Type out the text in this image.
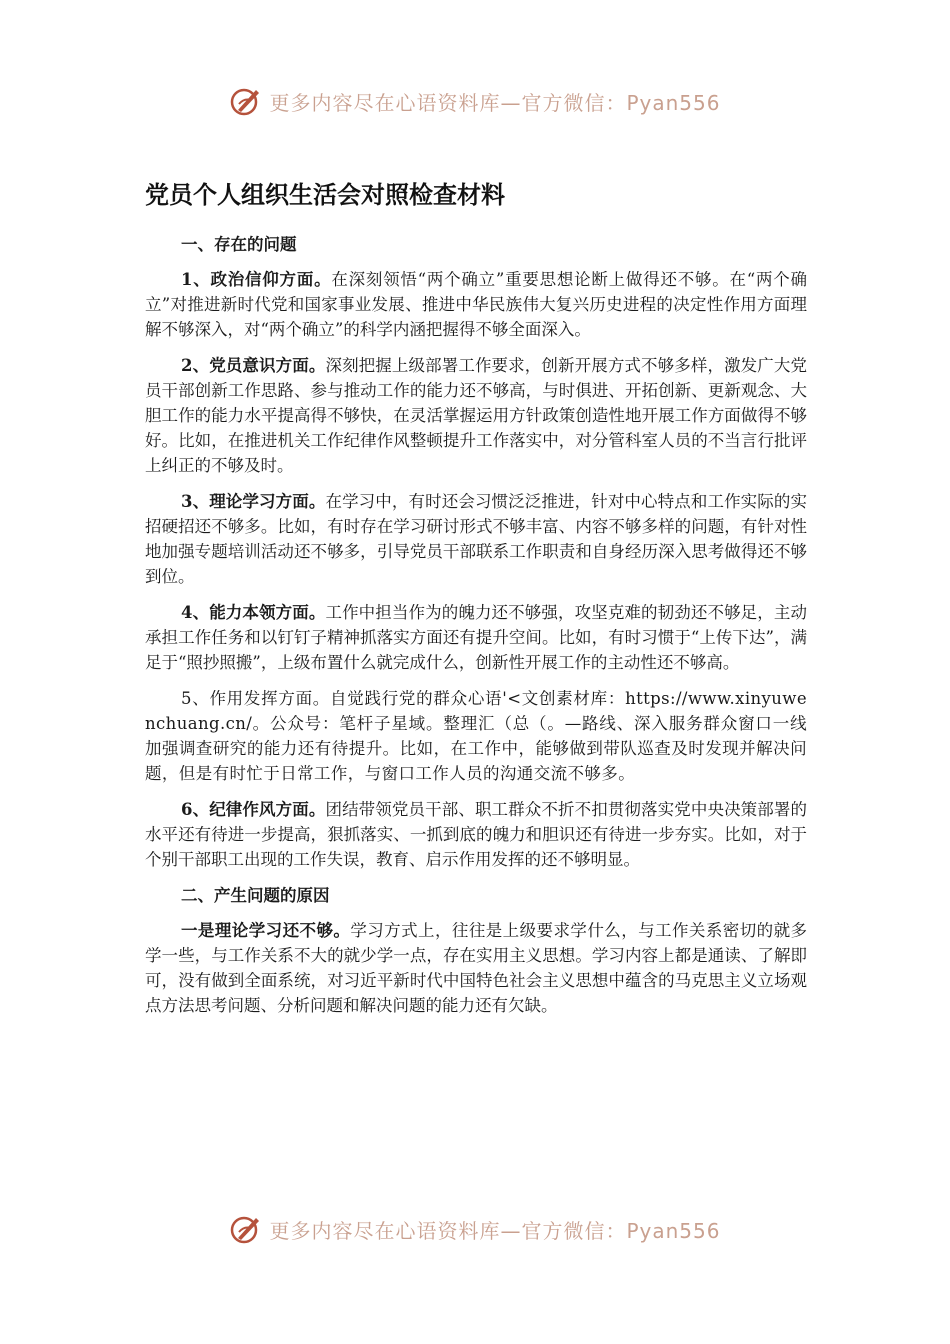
更多内容尽在心语资料库—官方微信：Pyan556
党员个人组织生活会对照检查材料

一、存在的问题

1、政治信仰方面。在深刻领悟“两个确立”重要思想论断上做得还不够。在“两个确立”对推进新时代党和国家事业发展、推进中华民族伟大复兴历史进程的决定性作用方面理解不够深入，对“两个确立”的科学内涵把握得不够全面深入。

2、党员意识方面。深刻把握上级部署工作要求，创新开展方式不够多样，激发广大党员干部创新工作思路、参与推动工作的能力还不够高，与时俱进、开拓创新、更新观念、大胆工作的能力水平提高得不够快，在灵活掌握运用方针政策创造性地开展工作方面做得不够好。比如，在推进机关工作纪律作风整顿提升工作落实中，对分管科室人员的不当言行批评上纠正的不够及时。

3、理论学习方面。在学习中，有时还会习惯泛泛推进，针对中心特点和工作实际的实招硬招还不够多。比如，有时存在学习研讨形式不够丰富、内容不够多样的问题，有针对性地加强专题培训活动还不够多，引导党员干部联系工作职责和自身经历深入思考做得还不够到位。

4、能力本领方面。工作中担当作为的魄力还不够强，攻坚克难的韧劲还不够足，主动承担工作任务和以钉钉子精神抓落实方面还有提升空间。比如，有时习惯于“上传下达”，满足于“照抄照搬”，上级布置什么就完成什么，创新性开展工作的主动性还不够高。

5、作用发挥方面。自觉践行党的群众心语'<文创素材库：https://www.xinyuwenchuang.cn/。公众号：笔杆子星域。整理汇（总（。—路线、深入服务群众窗口一线加强调查研究的能力还有待提升。比如，在工作中，能够做到带队巡查及时发现并解决问题，但是有时忙于日常工作，与窗口工作人员的沟通交流不够多。

6、纪律作风方面。团结带领党员干部、职工群众不折不扣贯彻落实党中央决策部署的水平还有待进一步提高，狠抓落实、一抓到底的魄力和胆识还有待进一步夯实。比如，对于个别干部职工出现的工作失误，教育、启示作用发挥的还不够明显。

二、产生问题的原因

一是理论学习还不够。学习方式上，往往是上级要求学什么，与工作关系密切的就多学一些，与工作关系不大的就少学一点，存在实用主义思想。学习内容上都是通读、了解即可，没有做到全面系统，对习近平新时代中国特色社会主义思想中蕴含的马克思主义立场观点方法思考问题、分析问题和解决问题的能力还有欠缺。

更多内容尽在心语资料库—官方微信：Pyan556
